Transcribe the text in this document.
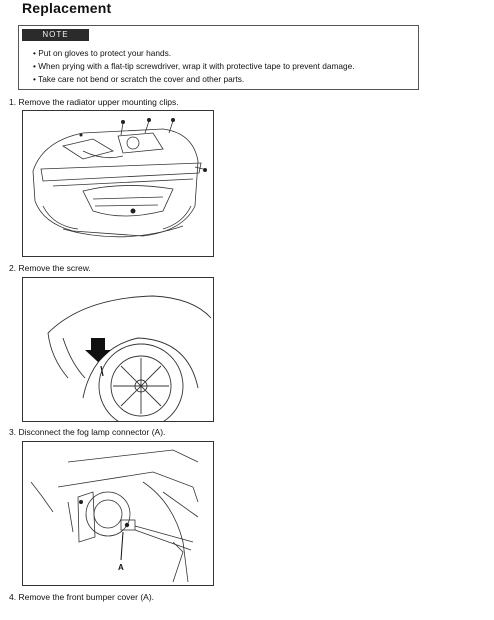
Replacement
NOTE
• Put on gloves to protect your hands.
• When prying with a flat-tip screwdriver, wrap it with protective tape to prevent damage.
• Take care not bend or scratch the cover and other parts.
1. Remove the radiator upper mounting clips.
2. Remove the screw.
3. Disconnect the fog lamp connector (A).
A
4. Remove the front bumper cover (A).
